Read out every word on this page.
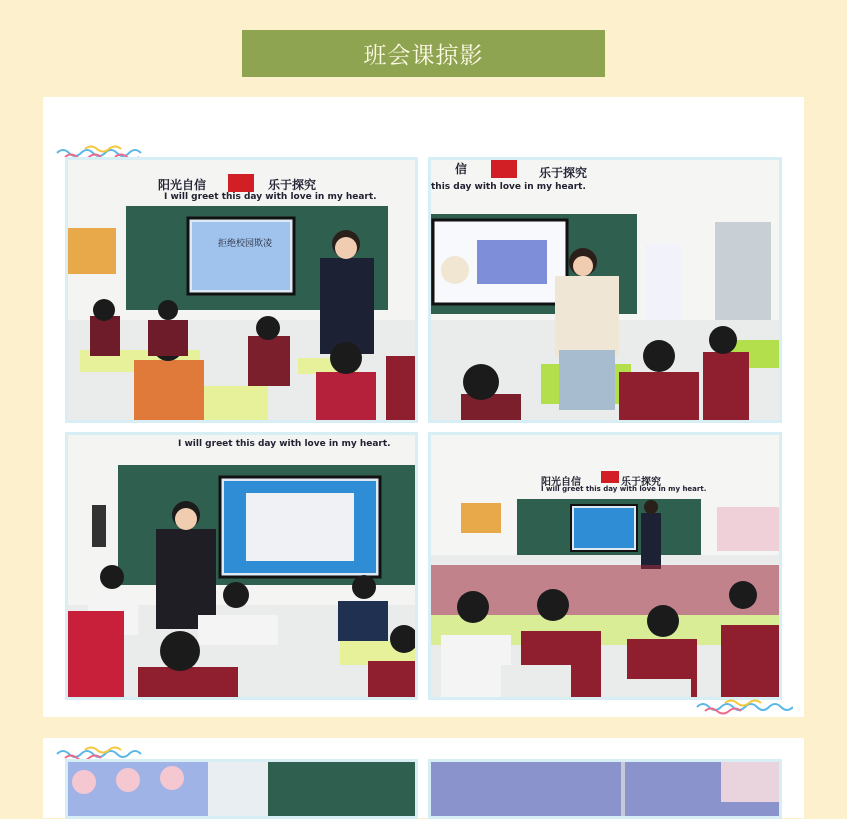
班会课掠影
阳光自信	乐于探究
I will greet this day with love in my heart.
拒绝校园欺凌
信	乐于探究
this day with love in my heart.
I will greet this day with love in my heart.
阳光自信	乐于探究
I will greet this day with love in my heart.
